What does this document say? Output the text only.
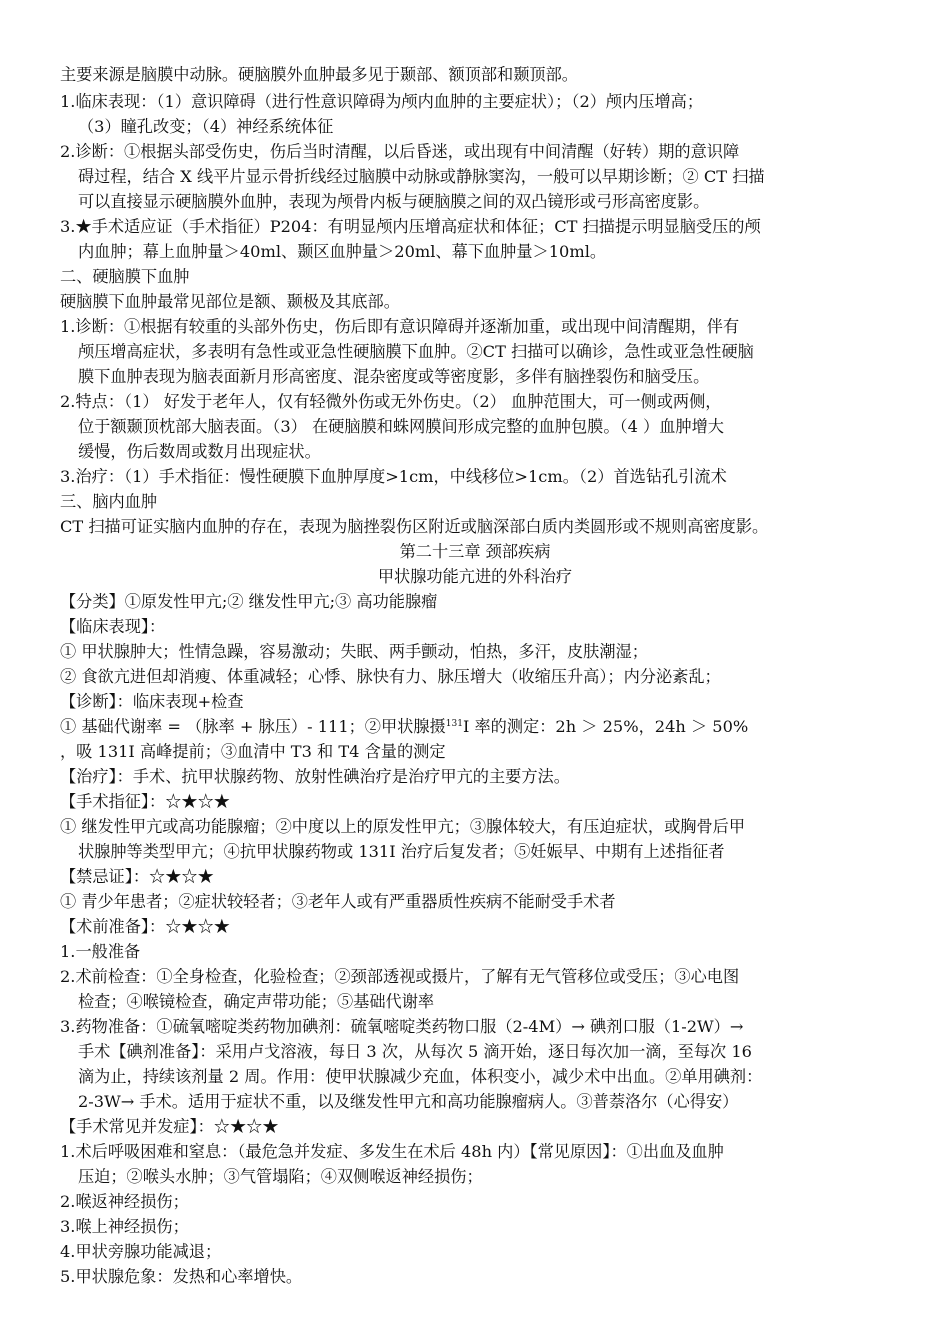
主要来源是脑膜中动脉。硬脑膜外血肿最多见于颞部、额顶部和颞顶部。
1.临床表现：（1）意识障碍（进行性意识障碍为颅内血肿的主要症状）；（2）颅内压增高；
（3）瞳孔改变；（4）神经系统体征
2.诊断：①根据头部受伤史，伤后当时清醒，以后昏迷，或出现有中间清醒（好转）期的意识障
碍过程，结合 X 线平片显示骨折线经过脑膜中动脉或静脉窦沟，一般可以早期诊断；② CT 扫描
可以直接显示硬脑膜外血肿，表现为颅骨内板与硬脑膜之间的双凸镜形或弓形高密度影。
3.★手术适应证（手术指征）P204：有明显颅内压增高症状和体征；CT 扫描提示明显脑受压的颅
内血肿；幕上血肿量＞40ml、颞区血肿量＞20ml、幕下血肿量＞10ml。
二、硬脑膜下血肿
硬脑膜下血肿最常见部位是额、颞极及其底部。
1.诊断：①根据有较重的头部外伤史，伤后即有意识障碍并逐渐加重，或出现中间清醒期，伴有
颅压增高症状，多表明有急性或亚急性硬脑膜下血肿。②CT 扫描可以确诊，急性或亚急性硬脑
膜下血肿表现为脑表面新月形高密度、混杂密度或等密度影，多伴有脑挫裂伤和脑受压。
2.特点：（1） 好发于老年人，仅有轻微外伤或无外伤史。（2） 血肿范围大，可一侧或两侧，
位于额颞顶枕部大脑表面。（3） 在硬脑膜和蛛网膜间形成完整的血肿包膜。（4 ）血肿增大
缓慢，伤后数周或数月出现症状。
3.治疗：（1）手术指征：慢性硬膜下血肿厚度>1cm，中线移位>1cm。（2）首选钻孔引流术
三、脑内血肿
CT 扫描可证实脑内血肿的存在，表现为脑挫裂伤区附近或脑深部白质内类圆形或不规则高密度影。
第二十三章 颈部疾病
甲状腺功能亢进的外科治疗
【分类】①原发性甲亢;② 继发性甲亢;③ 高功能腺瘤
【临床表现】：
① 甲状腺肿大；性情急躁，容易激动；失眠、两手颤动，怕热，多汗，皮肤潮湿；
② 食欲亢进但却消瘦、体重减轻；心悸、脉快有力、脉压增大（收缩压升高）；内分泌紊乱；
【诊断】：临床表现+检查
① 基础代谢率 = （脉率 + 脉压）- 111；②甲状腺摄$^{131}$I 率的测定：2h ＞ 25%，24h ＞ 50%
，吸 131I 高峰提前；③血清中 T3 和 T4 含量的测定
【治疗】：手术、抗甲状腺药物、放射性碘治疗是治疗甲亢的主要方法。
【手术指征】：☆★☆★
① 继发性甲亢或高功能腺瘤；②中度以上的原发性甲亢；③腺体较大，有压迫症状，或胸骨后甲
状腺肿等类型甲亢；④抗甲状腺药物或 131I 治疗后复发者；⑤妊娠早、中期有上述指征者
【禁忌证】：☆★☆★
① 青少年患者；②症状较轻者；③老年人或有严重器质性疾病不能耐受手术者
【术前准备】：☆★☆★
1.一般准备
2.术前检查：①全身检查，化验检查；②颈部透视或摄片，了解有无气管移位或受压；③心电图
检查；④喉镜检查，确定声带功能；⑤基础代谢率
3.药物准备：①硫氧嘧啶类药物加碘剂：硫氧嘧啶类药物口服（2-4M）→ 碘剂口服（1-2W）→
手术【碘剂准备】：采用卢戈溶液，每日 3 次，从每次 5 滴开始，逐日每次加一滴，至每次 16
滴为止，持续该剂量 2 周。作用：使甲状腺减少充血，体积变小，减少术中出血。②单用碘剂：
2-3W→ 手术。适用于症状不重，以及继发性甲亢和高功能腺瘤病人。③普萘洛尔（心得安）
【手术常见并发症】：☆★☆★
1.术后呼吸困难和窒息：（最危急并发症、多发生在术后 48h 内）【常见原因】：①出血及血肿
压迫；②喉头水肿；③气管塌陷；④双侧喉返神经损伤；
2.喉返神经损伤；
3.喉上神经损伤；
4.甲状旁腺功能减退；
5.甲状腺危象：发热和心率增快。
